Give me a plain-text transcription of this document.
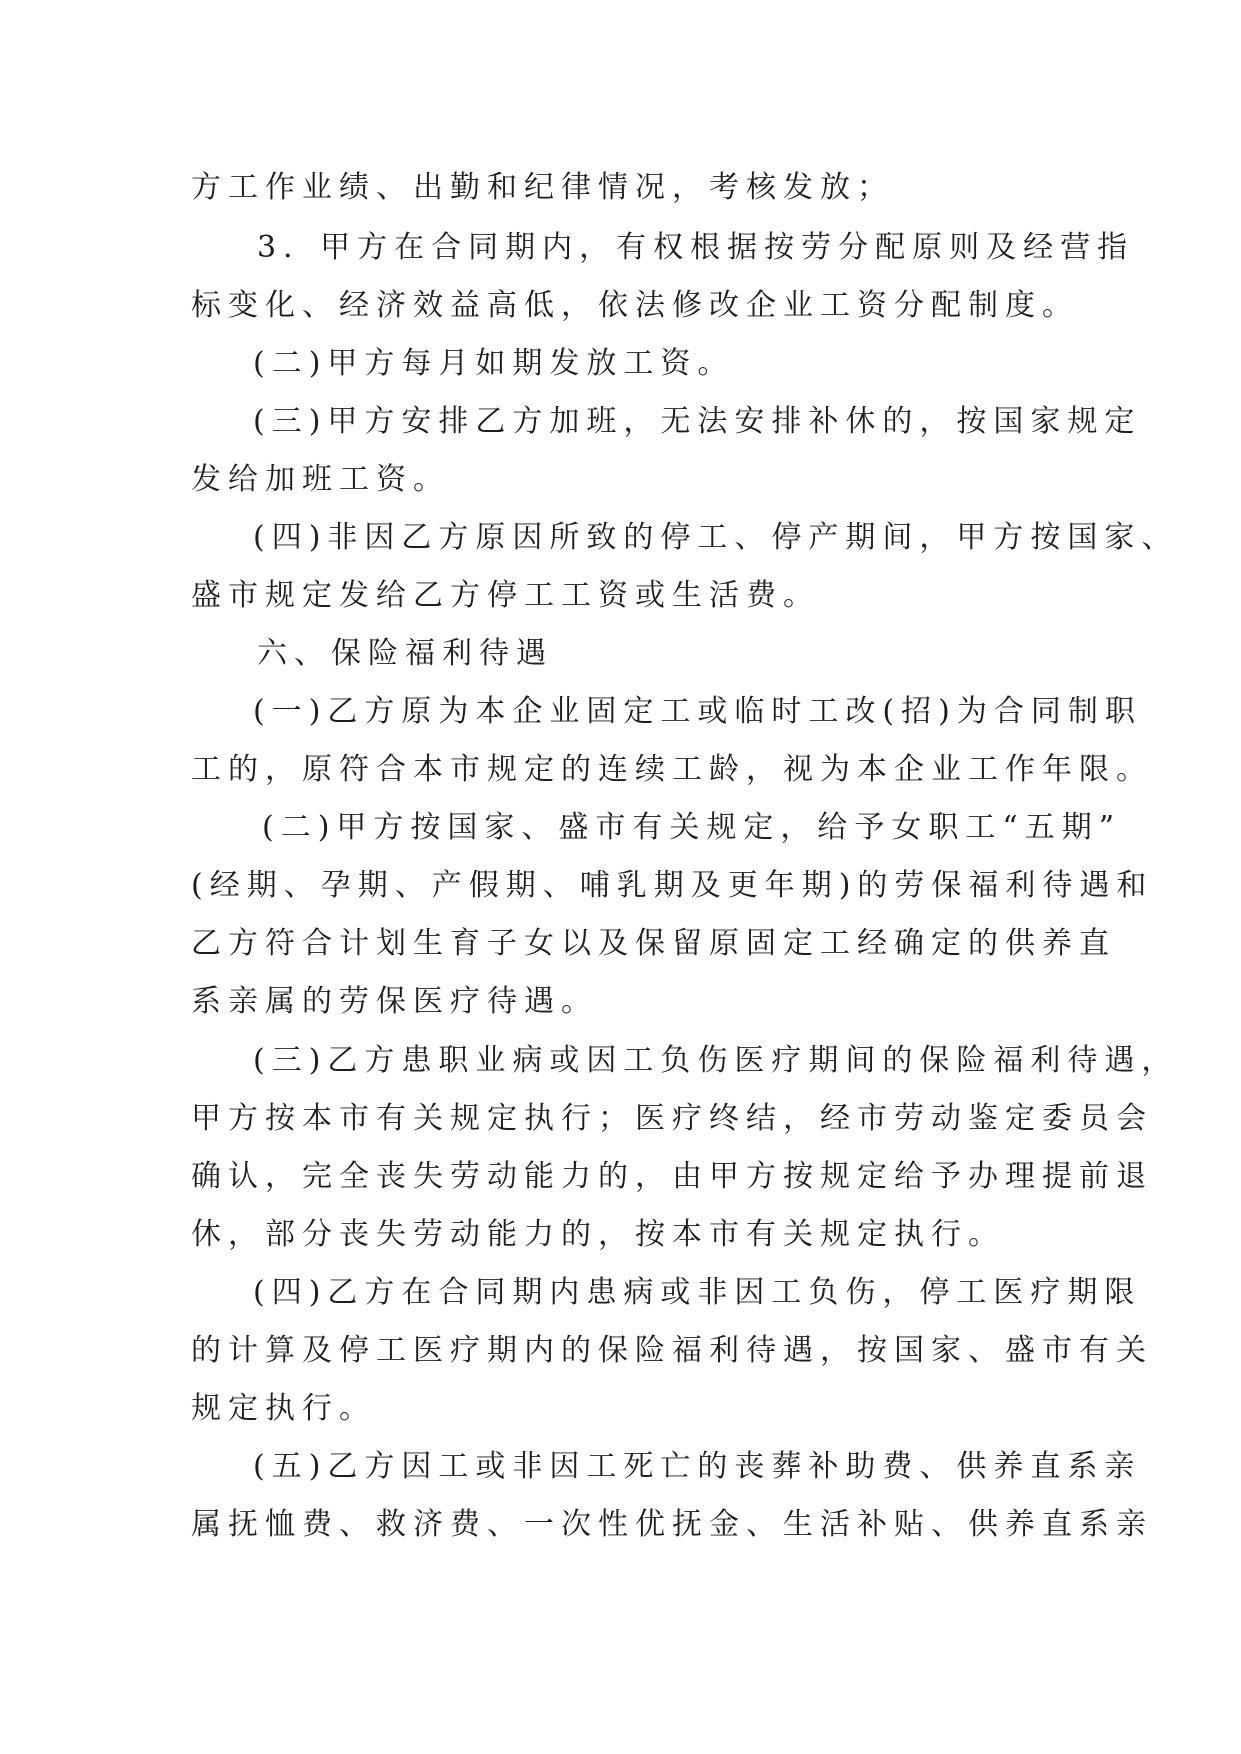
方工作业绩、出勤和纪律情况，考核发放；

3．甲方在合同期内，有权根据按劳分配原则及经营指

标变化、经济效益高低，依法修改企业工资分配制度。

(二)甲方每月如期发放工资。

(三)甲方安排乙方加班，无法安排补休的，按国家规定

发给加班工资。

(四)非因乙方原因所致的停工、停产期间，甲方按国家、

盛市规定发给乙方停工工资或生活费。

六、保险福利待遇

(一)乙方原为本企业固定工或临时工改(招)为合同制职

工的，原符合本市规定的连续工龄，视为本企业工作年限。

(二)甲方按国家、盛市有关规定，给予女职工“五期”

(经期、孕期、产假期、哺乳期及更年期)的劳保福利待遇和

乙方符合计划生育子女以及保留原固定工经确定的供养直

系亲属的劳保医疗待遇。

(三)乙方患职业病或因工负伤医疗期间的保险福利待遇，

甲方按本市有关规定执行；医疗终结，经市劳动鉴定委员会

确认，完全丧失劳动能力的，由甲方按规定给予办理提前退

休，部分丧失劳动能力的，按本市有关规定执行。

(四)乙方在合同期内患病或非因工负伤，停工医疗期限

的计算及停工医疗期内的保险福利待遇，按国家、盛市有关

规定执行。

(五)乙方因工或非因工死亡的丧葬补助费、供养直系亲

属抚恤费、救济费、一次性优抚金、生活补贴、供养直系亲
